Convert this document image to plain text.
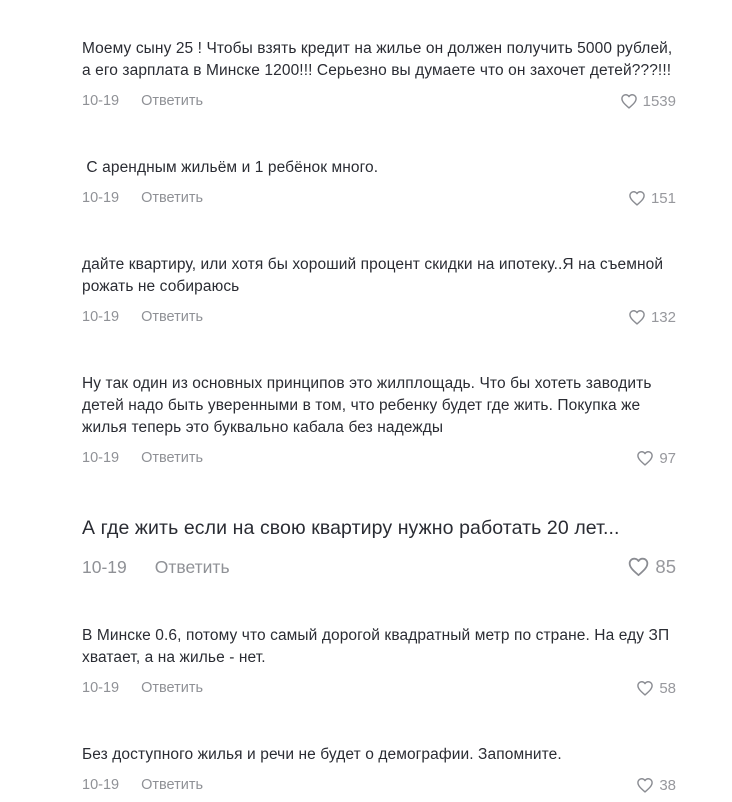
Моему сыну 25 ! Чтобы взять кредит на жилье он должен получить 5000 рублей, а его зарплата в Минске 1200!!! Серьезно вы думаете что он захочет детей???!!!

10-19 Ответить	1539

С арендным жильём и 1 ребёнок много.

10-19 Ответить	151

дайте квартиру, или хотя бы хороший процент скидки на ипотеку..Я на съемной рожать не собираюсь

10-19 Ответить	132

Ну так один из основных принципов это жилплощадь. Что бы хотеть заводить детей надо быть уверенными в том, что ребенку будет где жить. Покупка же жилья теперь это буквально кабала без надежды

10-19 Ответить	97

А где жить если на свою квартиру нужно работать 20 лет...

10-19 Ответить	85

В Минске 0.6, потому что самый дорогой квадратный метр по стране. На еду ЗП хватает, а на жилье - нет.

10-19 Ответить	58

Без доступного жилья и речи не будет о демографии. Запомните.

10-19 Ответить	38
